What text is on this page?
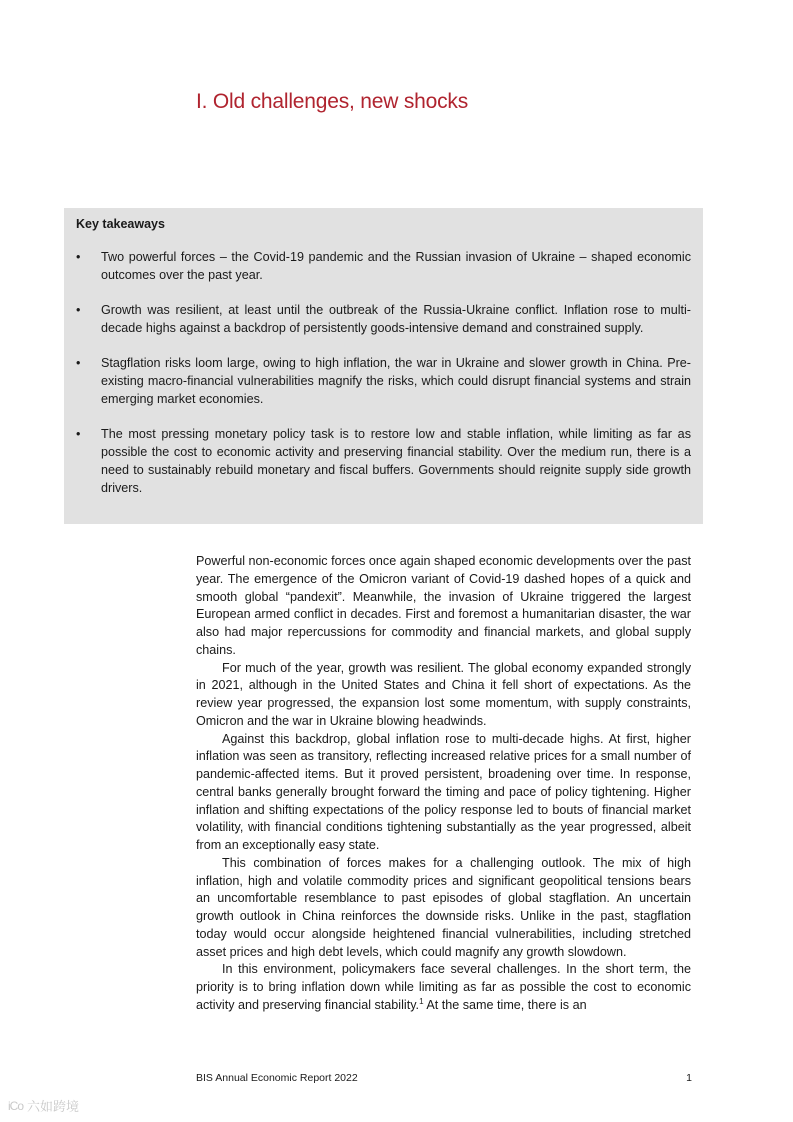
I. Old challenges, new shocks
Key takeaways
•	Two powerful forces – the Covid-19 pandemic and the Russian invasion of Ukraine – shaped economic outcomes over the past year.
•	Growth was resilient, at least until the outbreak of the Russia-Ukraine conflict. Inflation rose to multi-decade highs against a backdrop of persistently goods-intensive demand and constrained supply.
•	Stagflation risks loom large, owing to high inflation, the war in Ukraine and slower growth in China. Pre-existing macro-financial vulnerabilities magnify the risks, which could disrupt financial systems and strain emerging market economies.
•	The most pressing monetary policy task is to restore low and stable inflation, while limiting as far as possible the cost to economic activity and preserving financial stability. Over the medium run, there is a need to sustainably rebuild monetary and fiscal buffers. Governments should reignite supply side growth drivers.

Powerful non-economic forces once again shaped economic developments over the past year. The emergence of the Omicron variant of Covid-19 dashed hopes of a quick and smooth global “pandexit”. Meanwhile, the invasion of Ukraine triggered the largest European armed conflict in decades. First and foremost a humanitarian disaster, the war also had major repercussions for commodity and financial markets, and global supply chains.

For much of the year, growth was resilient. The global economy expanded strongly in 2021, although in the United States and China it fell short of expectations. As the review year progressed, the expansion lost some momentum, with supply constraints, Omicron and the war in Ukraine blowing headwinds.

Against this backdrop, global inflation rose to multi-decade highs. At first, higher inflation was seen as transitory, reflecting increased relative prices for a small number of pandemic-affected items. But it proved persistent, broadening over time. In response, central banks generally brought forward the timing and pace of policy tightening. Higher inflation and shifting expectations of the policy response led to bouts of financial market volatility, with financial conditions tightening substantially as the year progressed, albeit from an exceptionally easy state.

This combination of forces makes for a challenging outlook. The mix of high inflation, high and volatile commodity prices and significant geopolitical tensions bears an uncomfortable resemblance to past episodes of global stagflation. An uncertain growth outlook in China reinforces the downside risks. Unlike in the past, stagflation today would occur alongside heightened financial vulnerabilities, including stretched asset prices and high debt levels, which could magnify any growth slowdown.

In this environment, policymakers face several challenges. In the short term, the priority is to bring inflation down while limiting as far as possible the cost to economic activity and preserving financial stability.$^1$ At the same time, there is an

BIS Annual Economic Report 2022	1
iCo 六如跨境
